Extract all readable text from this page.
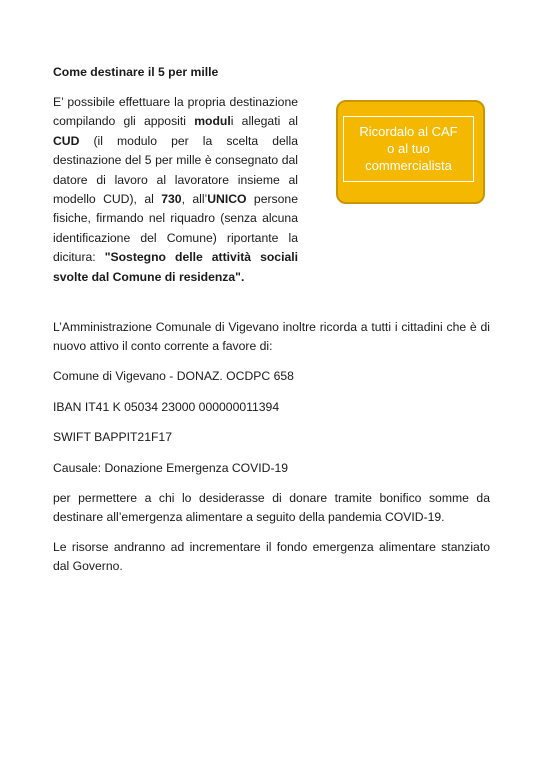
Come destinare il 5 per mille
E’ possibile effettuare la propria destinazione compilando gli appositi moduli allegati al CUD (il modulo per la scelta della destinazione del 5 per mille è consegnato dal datore di lavoro al lavoratore insieme al modello CUD), al 730, all’UNICO persone fisiche, firmando nel riquadro (senza alcuna identificazione del Comune) riportante la dicitura: "Sostegno delle attività sociali svolte dal Comune di residenza".
Ricordalo al CAF
o al tuo
commercialista
L’Amministrazione Comunale di Vigevano inoltre ricorda a tutti i cittadini che è di nuovo attivo il conto corrente a favore di:
Comune di Vigevano - DONAZ. OCDPC 658
IBAN IT41 K 05034 23000 000000011394
SWIFT BAPPIT21F17
Causale: Donazione Emergenza COVID-19
per permettere a chi lo desiderasse di donare tramite bonifico somme da destinare all’emergenza alimentare a seguito della pandemia COVID-19.
Le risorse andranno ad incrementare il fondo emergenza alimentare stanziato dal Governo.
